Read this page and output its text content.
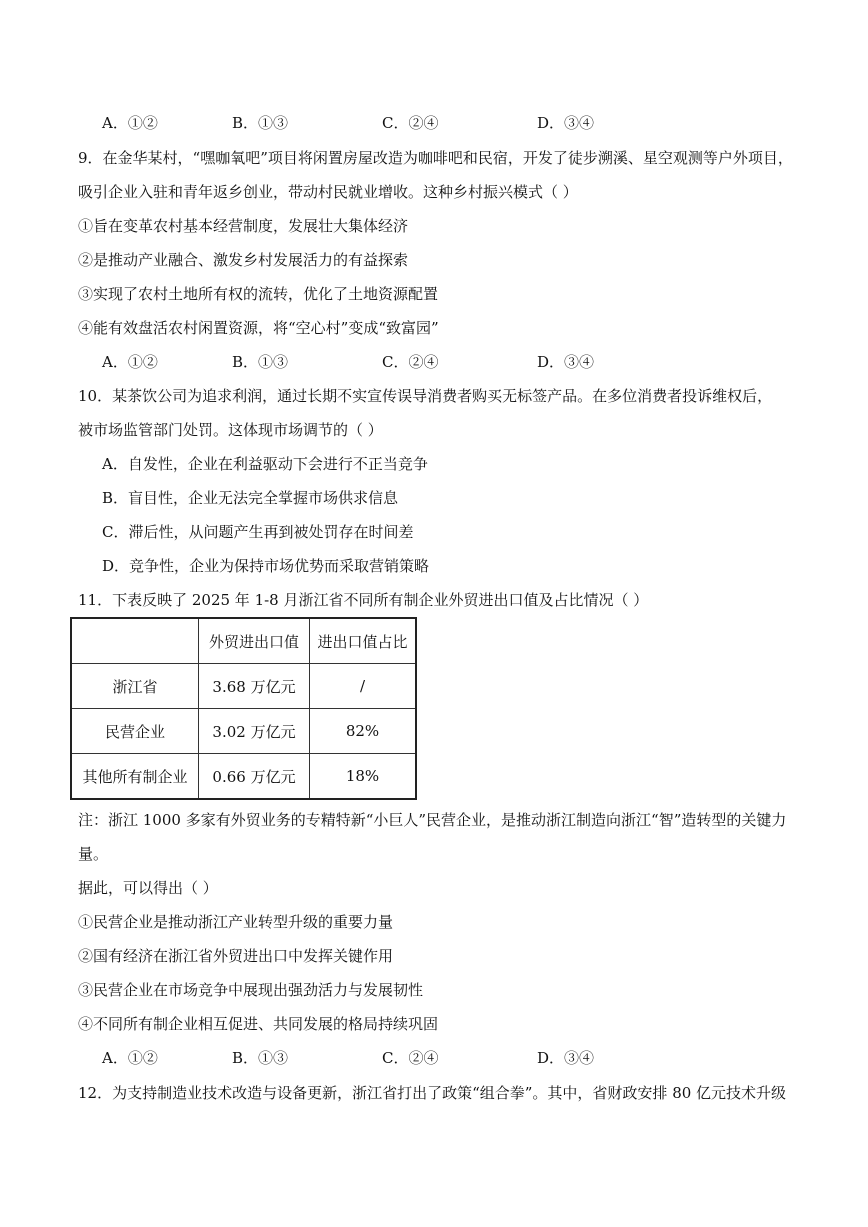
A．①②	B．①③	C．②④	D．③④
9．在金华某村，“嘿咖氧吧”项目将闲置房屋改造为咖啡吧和民宿，开发了徒步溯溪、星空观测等户外项目，
吸引企业入驻和青年返乡创业，带动村民就业增收。这种乡村振兴模式（ ）
①旨在变革农村基本经营制度，发展壮大集体经济
②是推动产业融合、激发乡村发展活力的有益探索
③实现了农村土地所有权的流转，优化了土地资源配置
④能有效盘活农村闲置资源，将“空心村”变成“致富园”
A．①②	B．①③	C．②④	D．③④
10．某茶饮公司为追求利润，通过长期不实宣传误导消费者购买无标签产品。在多位消费者投诉维权后，
被市场监管部门处罚。这体现市场调节的（ ）
A．自发性，企业在利益驱动下会进行不正当竞争
B．盲目性，企业无法完全掌握市场供求信息
C．滞后性，从问题产生再到被处罚存在时间差
D．竞争性，企业为保持市场优势而采取营销策略
11．下表反映了 2025 年 1-8 月浙江省不同所有制企业外贸进出口值及占比情况（ ）
	外贸进出口值	进出口值占比
浙江省	3.68 万亿元	/
民营企业	3.02 万亿元	82%
其他所有制企业	0.66 万亿元	18%
注：浙江 1000 多家有外贸业务的专精特新“小巨人”民营企业，是推动浙江制造向浙江“智”造转型的关键力
量。
据此，可以得出（ ）
①民营企业是推动浙江产业转型升级的重要力量
②国有经济在浙江省外贸进出口中发挥关键作用
③民营企业在市场竞争中展现出强劲活力与发展韧性
④不同所有制企业相互促进、共同发展的格局持续巩固
A．①②	B．①③	C．②④	D．③④
12．为支持制造业技术改造与设备更新，浙江省打出了政策“组合拳”。其中，省财政安排 80 亿元技术升级
